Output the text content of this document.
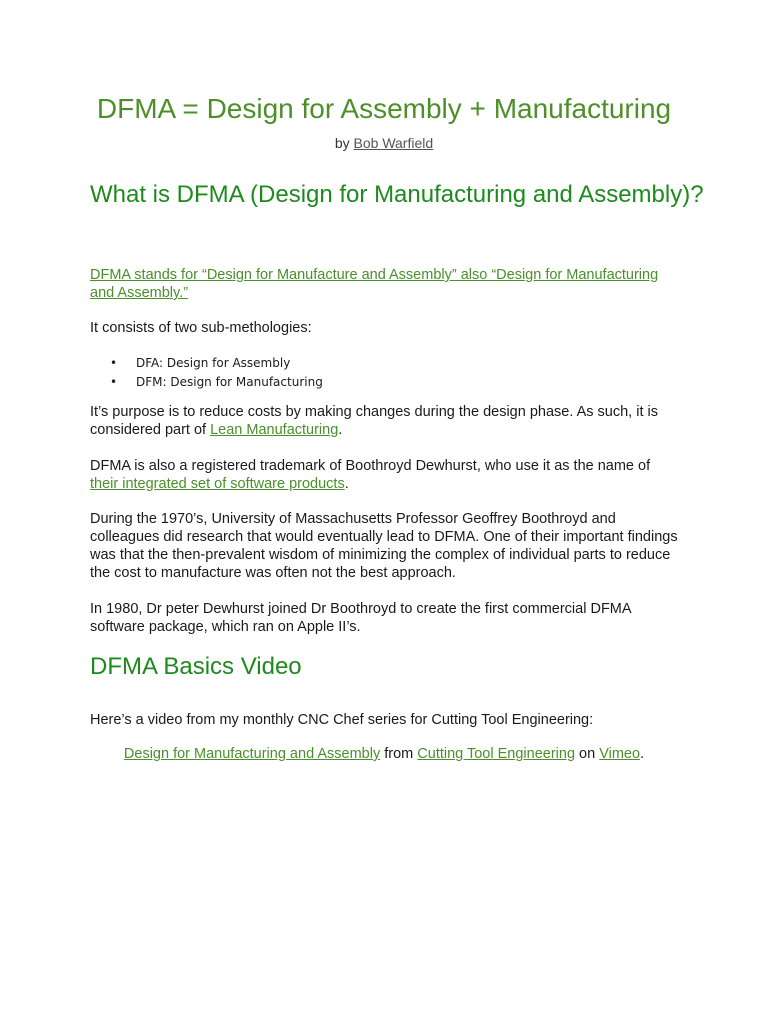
DFMA = Design for Assembly + Manufacturing
by Bob Warfield
What is DFMA (Design for Manufacturing and Assembly)?

DFMA stands for “Design for Manufacture and Assembly” also “Design for Manufacturing and Assembly.”

It consists of two sub-methologies:

• DFA: Design for Assembly
• DFM: Design for Manufacturing

It’s purpose is to reduce costs by making changes during the design phase. As such, it is considered part of Lean Manufacturing.

DFMA is also a registered trademark of Boothroyd Dewhurst, who use it as the name of their integrated set of software products.

During the 1970’s, University of Massachusetts Professor Geoffrey Boothroyd and colleagues did research that would eventually lead to DFMA. One of their important findings was that the then-prevalent wisdom of minimizing the complex of individual parts to reduce the cost to manufacture was often not the best approach.

In 1980, Dr peter Dewhurst joined Dr Boothroyd to create the first commercial DFMA software package, which ran on Apple II’s.

DFMA Basics Video

Here’s a video from my monthly CNC Chef series for Cutting Tool Engineering:

Design for Manufacturing and Assembly from Cutting Tool Engineering on Vimeo.
